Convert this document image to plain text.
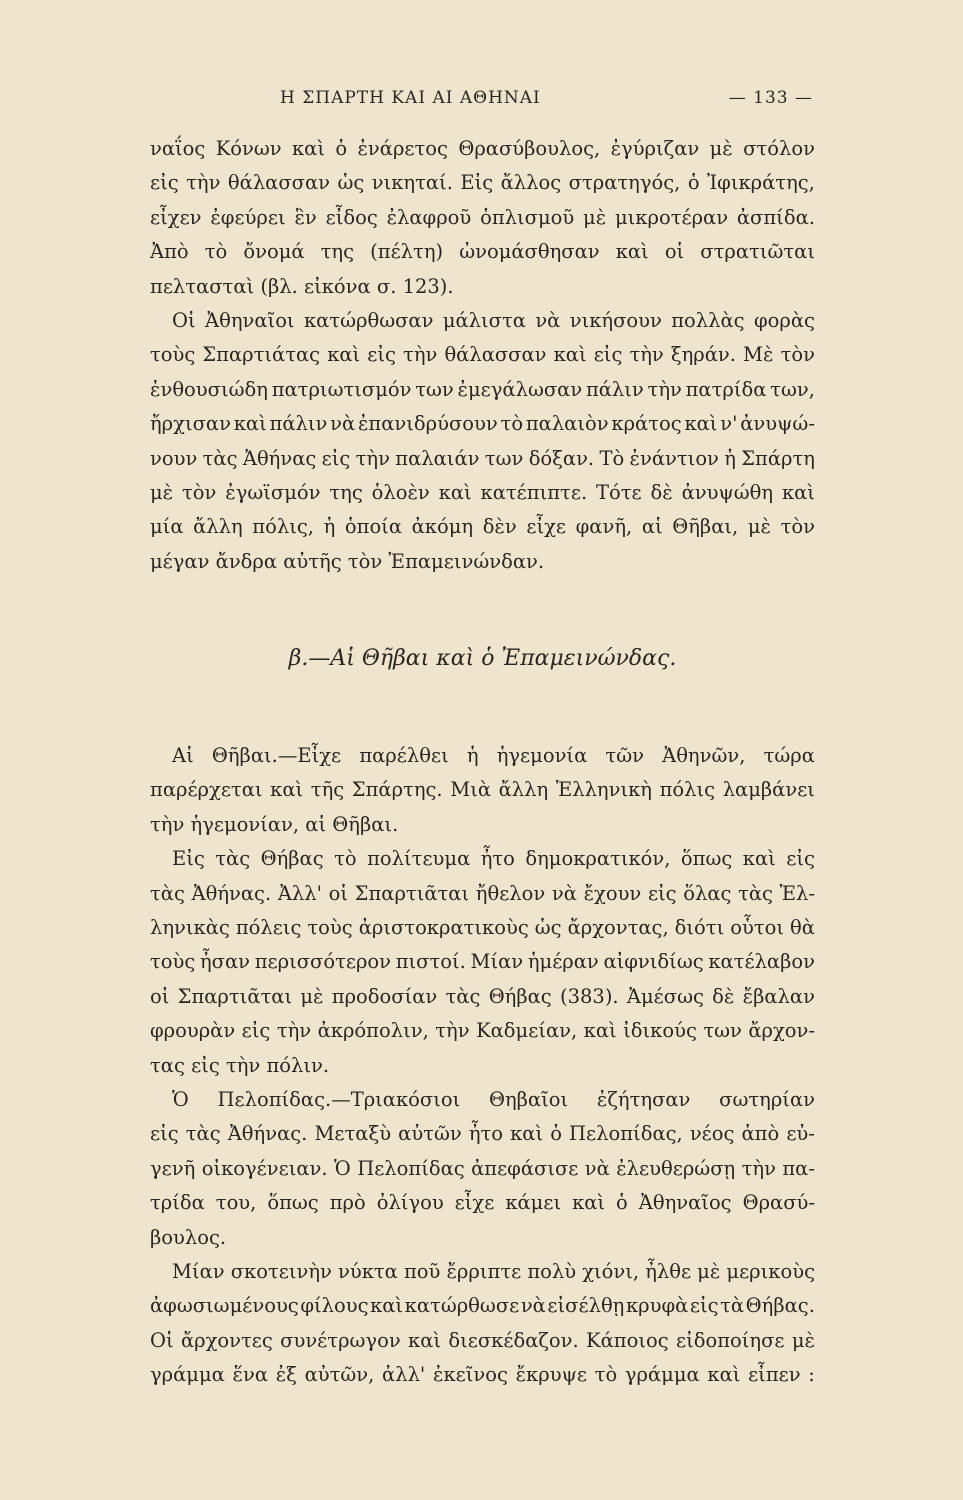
Η ΣΠΑΡΤΗ ΚΑΙ ΑΙ ΑΘΗΝΑΙ	— 133 —
ναΐος Κόνων καὶ ὁ ἐνάρετος Θρασύβουλος, ἐγύριζαν μὲ στόλον
εἰς τὴν θάλασσαν ὡς νικηταί. Εἰς ἄλλος στρατηγός, ὁ Ἰφικράτης,
εἶχεν ἐφεύρει ἓν εἶδος ἐλαφροῦ ὁπλισμοῦ μὲ μικροτέραν ἀσπίδα.
Ἀπὸ τὸ ὄνομά της (πέλτη) ὠνομάσθησαν καὶ οἱ στρατιῶται
πελτασταὶ (βλ. εἰκόνα σ. 123).
Οἱ Ἀθηναῖοι κατώρθωσαν μάλιστα νὰ νικήσουν πολλὰς φορὰς
τοὺς Σπαρτιάτας καὶ εἰς τὴν θάλασσαν καὶ εἰς τὴν ξηράν. Μὲ τὸν
ἐνθουσιώδη πατριωτισμόν των ἐμεγάλωσαν πάλιν τὴν πατρίδα των,
ἤρχισαν καὶ πάλιν νὰ ἐπανιδρύσουν τὸ παλαιὸν κράτος καὶ ν' ἀνυψώ-
νουν τὰς Ἀθήνας εἰς τὴν παλαιάν των δόξαν. Τὸ ἐνάντιον ἡ Σπάρτη
μὲ τὸν ἐγωϊσμόν της ὁλοὲν καὶ κατέπιπτε. Τότε δὲ ἀνυψώθη καὶ
μία ἄλλη πόλις, ἡ ὁποία ἀκόμη δὲν εἶχε φανῆ, αἱ Θῆβαι, μὲ τὸν
μέγαν ἄνδρα αὐτῆς τὸν Ἐπαμεινώνδαν.
β.—Αἱ Θῆβαι καὶ ὁ Ἐπαμεινώνδας.
Αἱ Θῆβαι.—Εἶχε παρέλθει ἡ ἡγεμονία τῶν Ἀθηνῶν, τώρα
παρέρχεται καὶ τῆς Σπάρτης. Μιὰ ἄλλη Ἑλληνικὴ πόλις λαμβάνει
τὴν ἡγεμονίαν, αἱ Θῆβαι.
Εἰς τὰς Θήβας τὸ πολίτευμα ἦτο δημοκρατικόν, ὅπως καὶ εἰς
τὰς Ἀθήνας. Ἀλλ' οἱ Σπαρτιᾶται ἤθελον νὰ ἔχουν εἰς ὅλας τὰς Ἑλ-
ληνικὰς πόλεις τοὺς ἀριστοκρατικοὺς ὡς ἄρχοντας, διότι οὗτοι θὰ
τοὺς ἦσαν περισσότερον πιστοί. Μίαν ἡμέραν αἰφνιδίως κατέλαβον
οἱ Σπαρτιᾶται μὲ προδοσίαν τὰς Θήβας (383). Ἀμέσως δὲ ἔβαλαν
φρουρὰν εἰς τὴν ἀκρόπολιν, τὴν Καδμείαν, καὶ ἰδικούς των ἄρχον-
τας εἰς τὴν πόλιν.
Ὁ Πελοπίδας.—Τριακόσιοι Θηβαῖοι ἐζήτησαν σωτηρίαν
εἰς τὰς Ἀθήνας. Μεταξὺ αὐτῶν ἦτο καὶ ὁ Πελοπίδας, νέος ἀπὸ εὐ-
γενῆ οἰκογένειαν. Ὁ Πελοπίδας ἀπεφάσισε νὰ ἐλευθερώσῃ τὴν πα-
τρίδα του, ὅπως πρὸ ὀλίγου εἶχε κάμει καὶ ὁ Ἀθηναῖος Θρασύ-
βουλος.
Μίαν σκοτεινὴν νύκτα ποῦ ἔρριπτε πολὺ χιόνι, ἦλθε μὲ μερικοὺς
ἀφωσιωμένους φίλους καὶ κατώρθωσε νὰ εἰσέλθῃ κρυφὰ εἰς τὰ Θήβας.
Οἱ ἄρχοντες συνέτρωγον καὶ διεσκέδαζον. Κάποιος εἰδοποίησε μὲ
γράμμα ἕνα ἐξ αὐτῶν, ἀλλ' ἐκεῖνος ἔκρυψε τὸ γράμμα καὶ εἶπεν :
